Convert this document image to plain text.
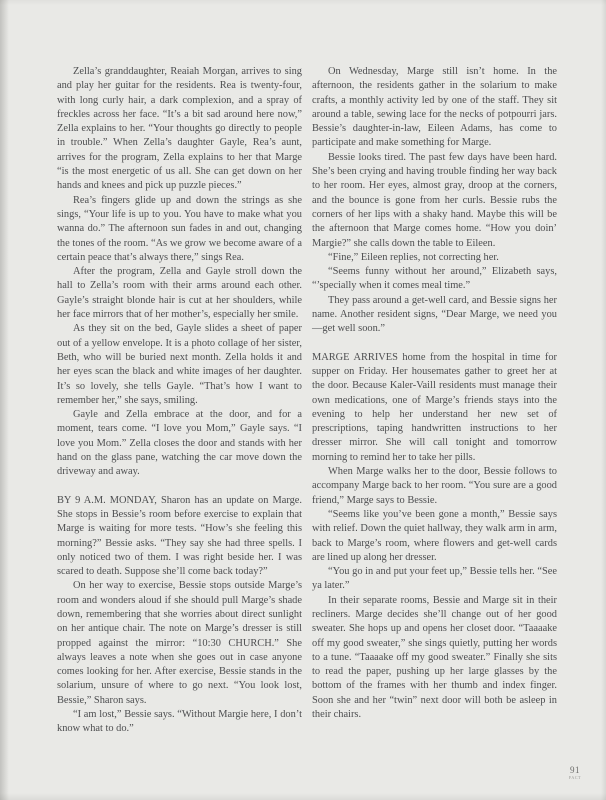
Zella’s granddaughter, Reaiah Morgan, arrives to sing and play her guitar for the residents. Rea is twenty-four, with long curly hair, a dark complexion, and a spray of freckles across her face. “It’s a bit sad around here now,” Zella explains to her. “Your thoughts go directly to people in trouble.” When Zella’s daughter Gayle, Rea’s aunt, arrives for the program, Zella explains to her that Marge “is the most energetic of us all. She can get down on her hands and knees and pick up puzzle pieces.”

Rea’s fingers glide up and down the strings as she sings, “Your life is up to you. You have to make what you wanna do.” The afternoon sun fades in and out, changing the tones of the room. “As we grow we become aware of a certain peace that’s always there,” sings Rea.

After the program, Zella and Gayle stroll down the hall to Zella’s room with their arms around each other. Gayle’s straight blonde hair is cut at her shoulders, while her face mirrors that of her mother’s, especially her smile.

As they sit on the bed, Gayle slides a sheet of paper out of a yellow envelope. It is a photo collage of her sister, Beth, who will be buried next month. Zella holds it and her eyes scan the black and white images of her daughter. It’s so lovely, she tells Gayle. “That’s how I want to remember her,” she says, smiling.

Gayle and Zella embrace at the door, and for a moment, tears come. “I love you Mom,” Gayle says. “I love you Mom.” Zella closes the door and stands with her hand on the glass pane, watching the car move down the driveway and away.

BY 9 A.M. MONDAY, Sharon has an update on Marge. She stops in Bessie’s room before exercise to explain that Marge is waiting for more tests. “How’s she feeling this morning?” Bessie asks. “They say she had three spells. I only noticed two of them. I was right beside her. I was scared to death. Suppose she’ll come back today?”

On her way to exercise, Bessie stops outside Marge’s room and wonders aloud if she should pull Marge’s shade down, remembering that she worries about direct sunlight on her antique chair. The note on Marge’s dresser is still propped against the mirror: “10:30 CHURCH.” She always leaves a note when she goes out in case anyone comes looking for her. After exercise, Bessie stands in the solarium, unsure of where to go next. “You look lost, Bessie,” Sharon says.

“I am lost,” Bessie says. “Without Margie here, I don’t know what to do.”

On Wednesday, Marge still isn’t home. In the afternoon, the residents gather in the solarium to make crafts, a monthly activity led by one of the staff. They sit around a table, sewing lace for the necks of potpourri jars. Bessie’s daughter-in-law, Eileen Adams, has come to participate and make something for Marge.

Bessie looks tired. The past few days have been hard. She’s been crying and having trouble finding her way back to her room. Her eyes, almost gray, droop at the corners, and the bounce is gone from her curls. Bessie rubs the corners of her lips with a shaky hand. Maybe this will be the afternoon that Marge comes home. “How you doin’ Margie?” she calls down the table to Eileen.

“Fine,” Eileen replies, not correcting her.

“Seems funny without her around,” Elizabeth says, “’specially when it comes meal time.”

They pass around a get-well card, and Bessie signs her name. Another resident signs, “Dear Marge, we need you—get well soon.”

MARGE ARRIVES home from the hospital in time for supper on Friday. Her housemates gather to greet her at the door. Because Kaler-Vaill residents must manage their own medications, one of Marge’s friends stays into the evening to help her understand her new set of prescriptions, taping handwritten instructions to her dresser mirror. She will call tonight and tomorrow morning to remind her to take her pills.

When Marge walks her to the door, Bessie follows to accompany Marge back to her room. “You sure are a good friend,” Marge says to Bessie.

“Seems like you’ve been gone a month,” Bessie says with relief. Down the quiet hallway, they walk arm in arm, back to Marge’s room, where flowers and get-well cards are lined up along her dresser.

“You go in and put your feet up,” Bessie tells her. “See ya later.”

In their separate rooms, Bessie and Marge sit in their recliners. Marge decides she’ll change out of her good sweater. She hops up and opens her closet door. “Taaaake off my good sweater,” she sings quietly, putting her words to a tune. “Taaaake off my good sweater.” Finally she sits to read the paper, pushing up her large glasses by the bottom of the frames with her thumb and index finger. Soon she and her “twin” next door will both be asleep in their chairs.

91
FACT
